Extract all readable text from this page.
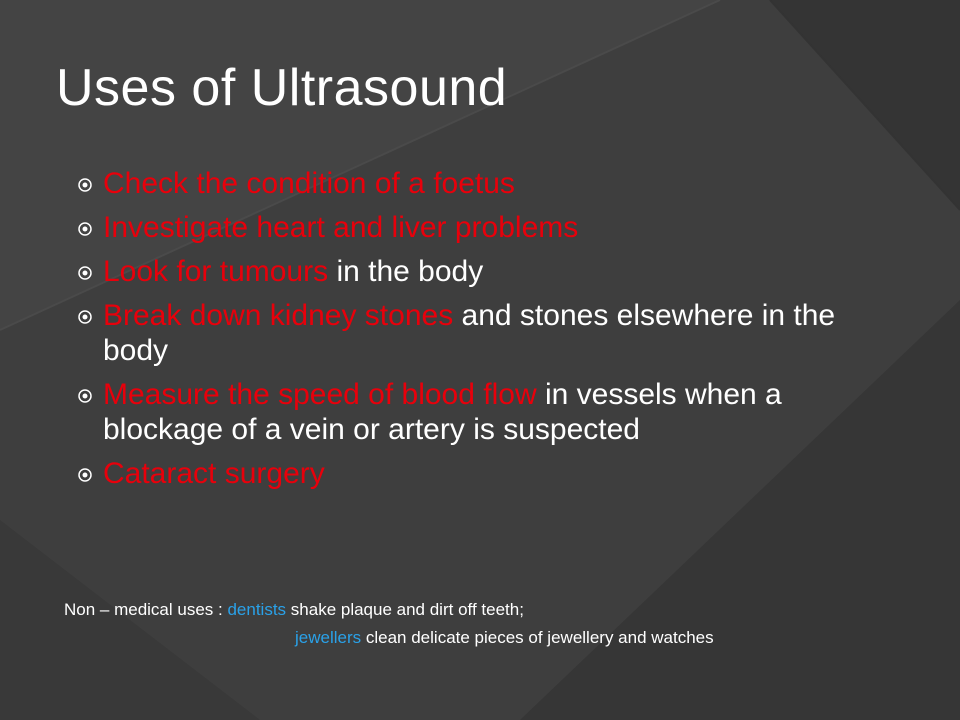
Uses of Ultrasound
Check the condition of a foetus
Investigate heart and liver problems
Look for tumours in the body
Break down kidney stones and stones elsewhere in the body
Measure the speed of blood flow in vessels when a blockage of a vein or artery is suspected
Cataract surgery
Non – medical uses : dentists shake plaque and dirt off teeth;
jewellers clean delicate pieces of jewellery and watches
